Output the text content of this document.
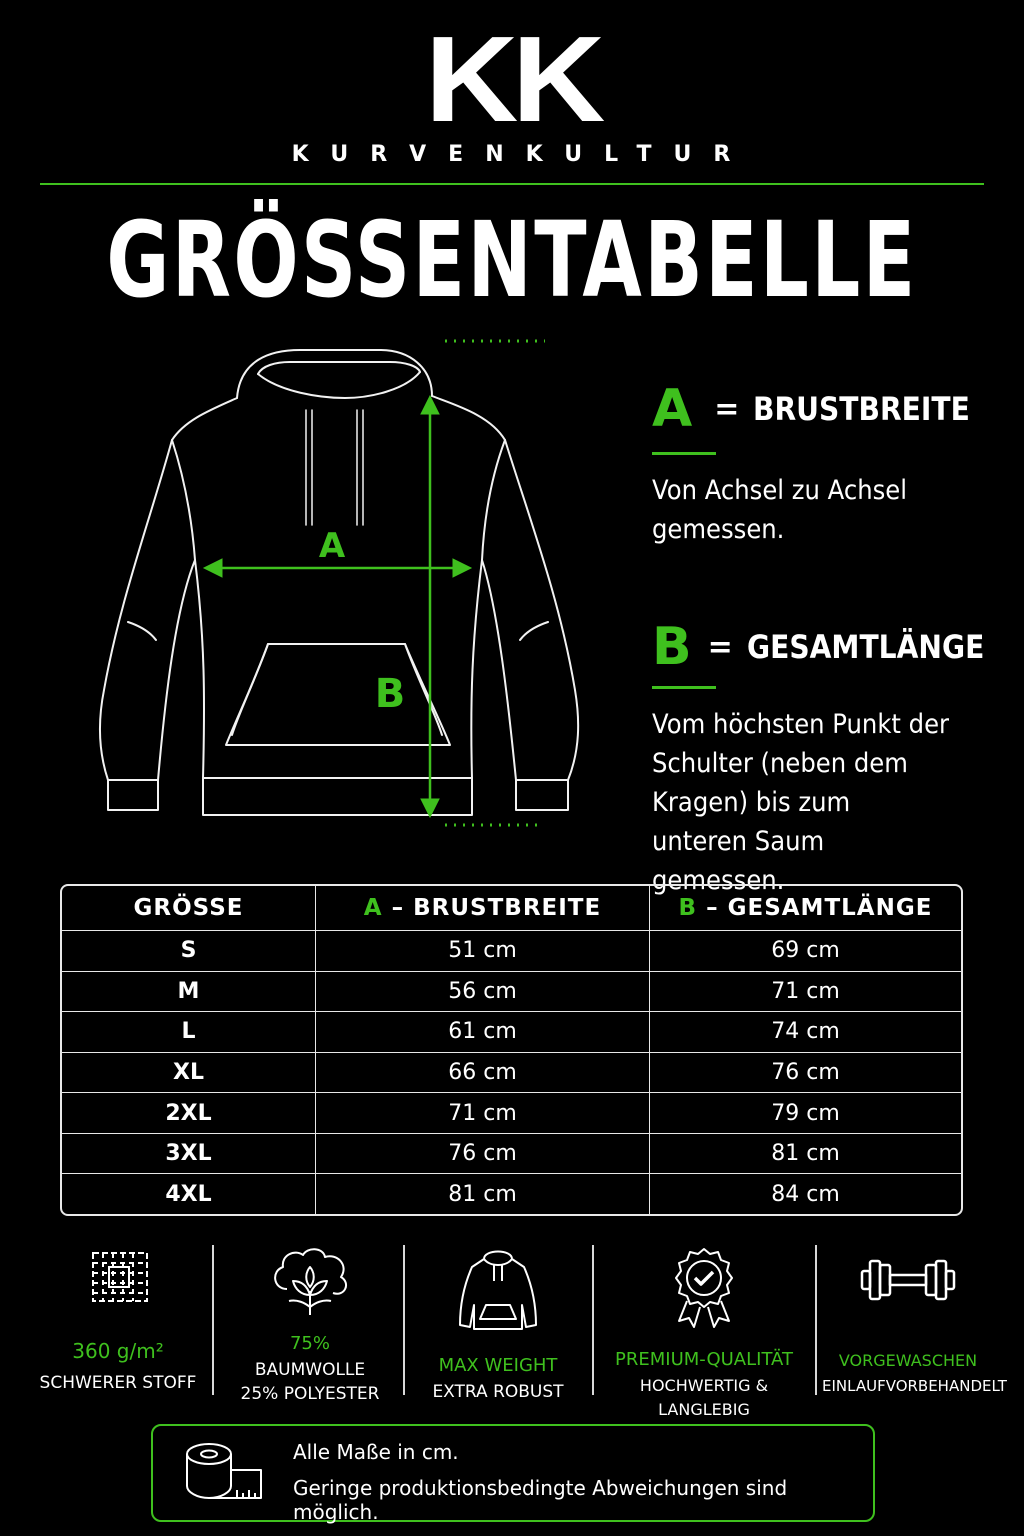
KK
KURVENKULTUR
GRÖSSENTABELLE
A
B
A = BRUSTBREITE
Von Achsel zu Achsel gemessen.
B = GESAMTLÄNGE
Vom höchsten Punkt der Schulter (neben dem Kragen) bis zum unteren Saum gemessen.
GRÖSSE	A – BRUSTBREITE	B – GESAMTLÄNGE
S	51 cm	69 cm
M	56 cm	71 cm
L	61 cm	74 cm
XL	66 cm	76 cm
2XL	71 cm	79 cm
3XL	76 cm	81 cm
4XL	81 cm	84 cm
360 g/m²
SCHWERER STOFF
75%
BAUMWOLLE
25% POLYESTER
MAX WEIGHT
EXTRA ROBUST
PREMIUM-QUALITÄT
HOCHWERTIG & LANGLEBIG
VORGEWASCHEN
EINLAUFVORBEHANDELT
Alle Maße in cm.
Geringe produktionsbedingte Abweichungen sind möglich.
